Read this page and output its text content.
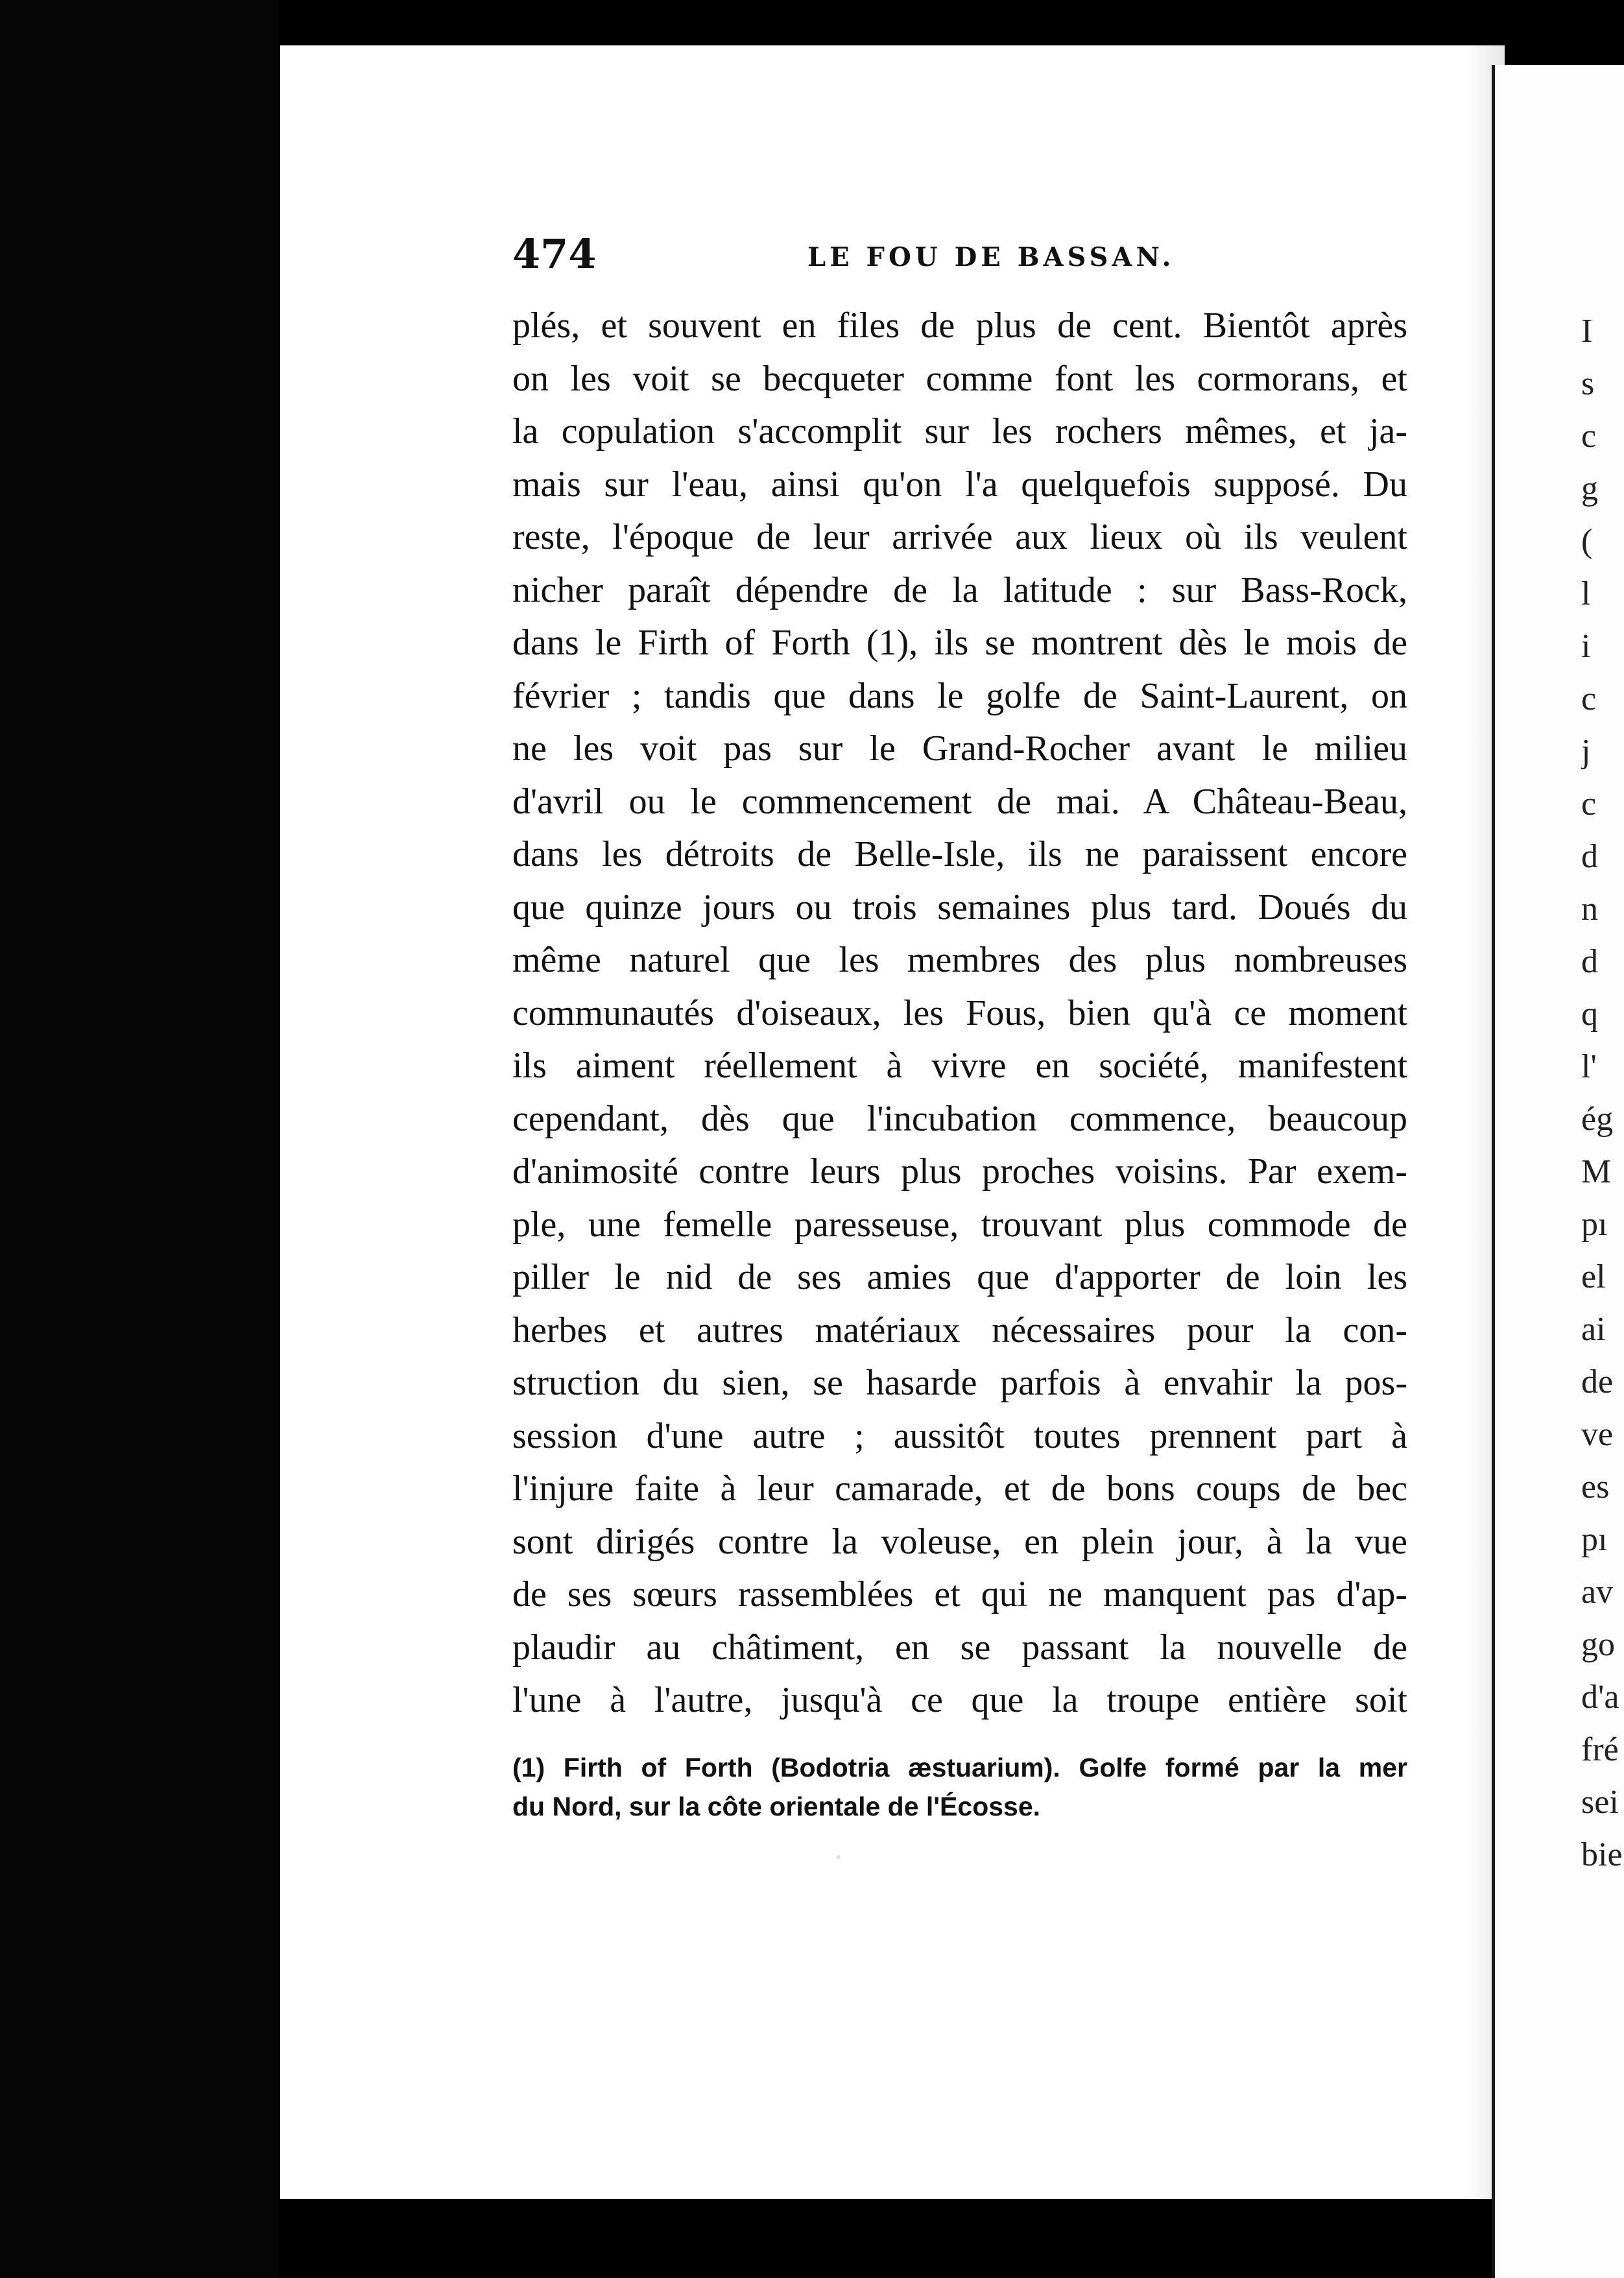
474	LE FOU DE BASSAN.
plés, et souvent en files de plus de cent. Bientôt après
on les voit se becqueter comme font les cormorans, et
la copulation s'accomplit sur les rochers mêmes, et ja-
mais sur l'eau, ainsi qu'on l'a quelquefois supposé. Du
reste, l'époque de leur arrivée aux lieux où ils veulent
nicher paraît dépendre de la latitude : sur Bass-Rock,
dans le Firth of Forth (1), ils se montrent dès le mois de
février ; tandis que dans le golfe de Saint-Laurent, on
ne les voit pas sur le Grand-Rocher avant le milieu
d'avril ou le commencement de mai. A Château-Beau,
dans les détroits de Belle-Isle, ils ne paraissent encore
que quinze jours ou trois semaines plus tard. Doués du
même naturel que les membres des plus nombreuses
communautés d'oiseaux, les Fous, bien qu'à ce moment
ils aiment réellement à vivre en société, manifestent
cependant, dès que l'incubation commence, beaucoup
d'animosité contre leurs plus proches voisins. Par exem-
ple, une femelle paresseuse, trouvant plus commode de
piller le nid de ses amies que d'apporter de loin les
herbes et autres matériaux nécessaires pour la con-
struction du sien, se hasarde parfois à envahir la pos-
session d'une autre ; aussitôt toutes prennent part à
l'injure faite à leur camarade, et de bons coups de bec
sont dirigés contre la voleuse, en plein jour, à la vue
de ses sœurs rassemblées et qui ne manquent pas d'ap-
plaudir au châtiment, en se passant la nouvelle de
l'une à l'autre, jusqu'à ce que la troupe entière soit
(1) Firth of Forth (Bodotria æstuarium). Golfe formé par la mer
du Nord, sur la côte orientale de l'Écosse.
I
s
c
g
(
l
i
c
j
c
d
n
d
q
l'
ég
M
pı
el
ai
de
ve
es
pı
av
go
d'a
fré
sei
bie
